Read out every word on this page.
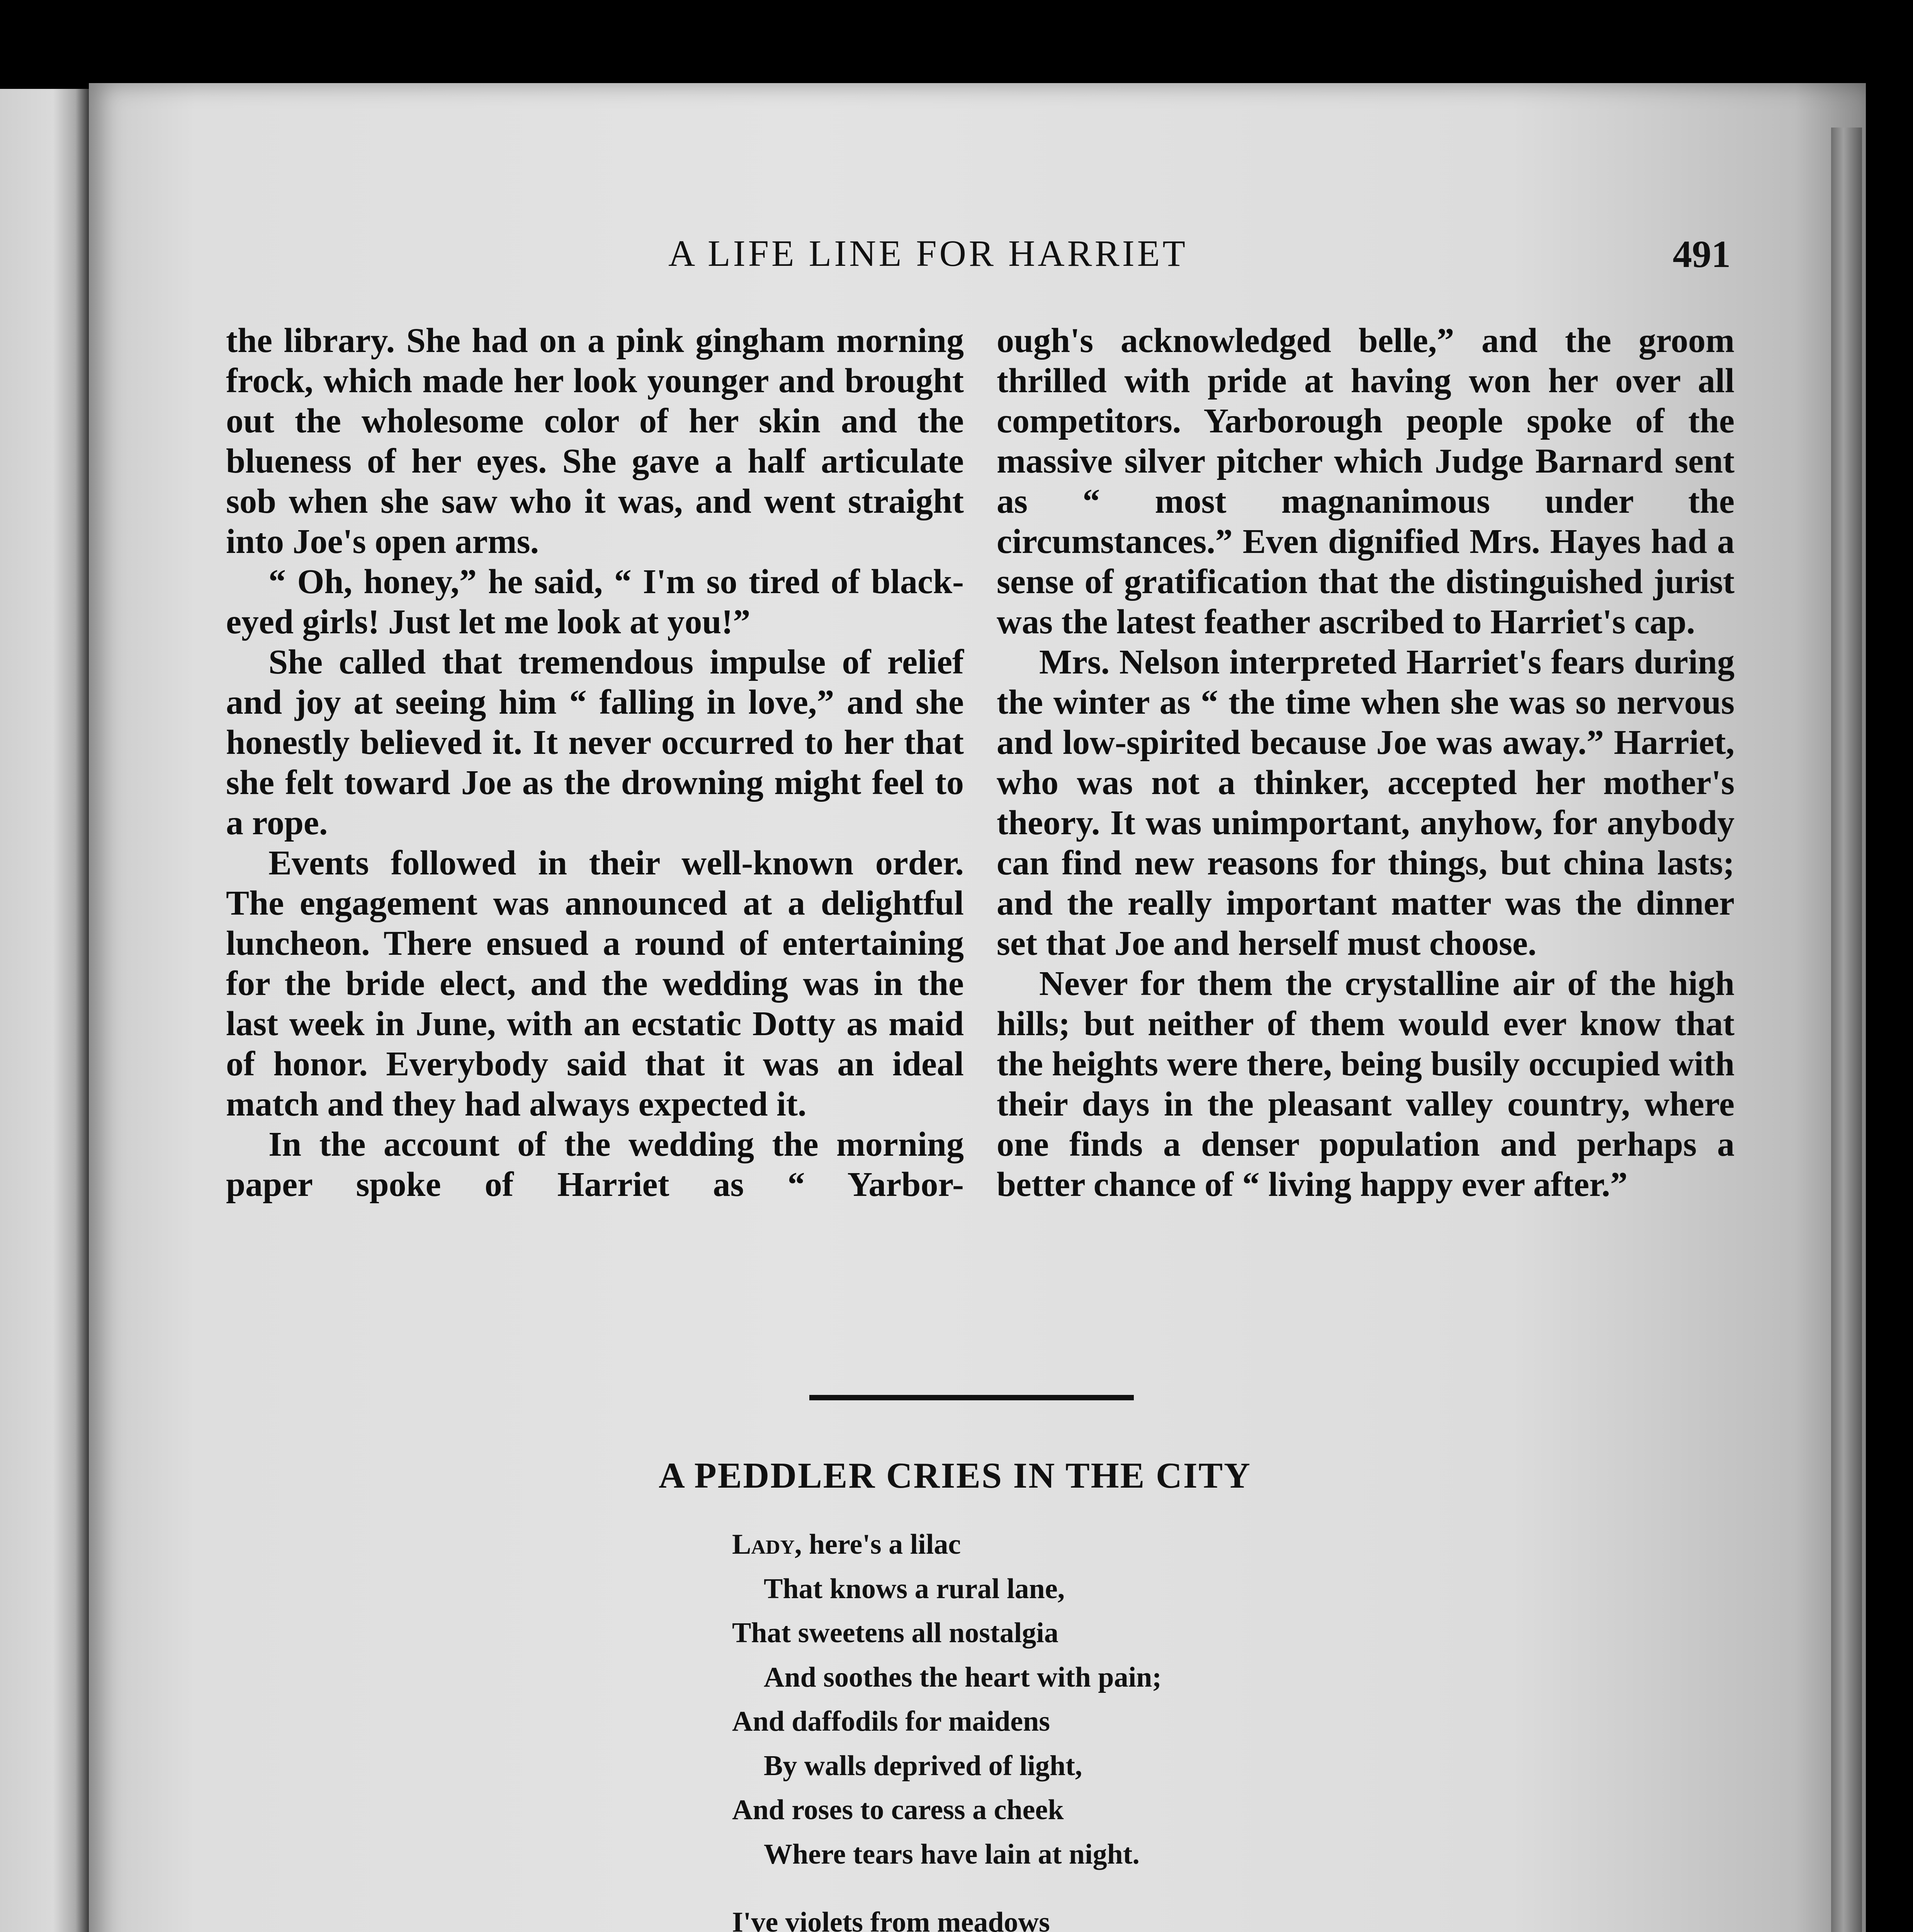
A LIFE LINE FOR HARRIET	491

the library. She had on a pink gingham morning frock, which made her look younger and brought out the wholesome color of her skin and the blueness of her eyes. She gave a half articulate sob when she saw who it was, and went straight into Joe's open arms.

“ Oh, honey,” he said, “ I'm so tired of black-eyed girls! Just let me look at you!”

She called that tremendous impulse of relief and joy at seeing him “ falling in love,” and she honestly believed it. It never occurred to her that she felt toward Joe as the drowning might feel to a rope.

Events followed in their well-known order. The engagement was announced at a delightful luncheon. There ensued a round of entertaining for the bride elect, and the wedding was in the last week in June, with an ecstatic Dotty as maid of honor. Everybody said that it was an ideal match and they had always expected it.

In the account of the wedding the morning paper spoke of Harriet as “ Yarbor-

ough's acknowledged belle,” and the groom thrilled with pride at having won her over all competitors. Yarborough people spoke of the massive silver pitcher which Judge Barnard sent as “ most magnanimous under the circumstances.” Even dignified Mrs. Hayes had a sense of gratification that the distinguished jurist was the latest feather ascribed to Harriet's cap.

Mrs. Nelson interpreted Harriet's fears during the winter as “ the time when she was so nervous and low-spirited because Joe was away.” Harriet, who was not a thinker, accepted her mother's theory. It was unimportant, anyhow, for anybody can find new reasons for things, but china lasts; and the really important matter was the dinner set that Joe and herself must choose.

Never for them the crystalline air of the high hills; but neither of them would ever know that the heights were there, being busily occupied with their days in the pleasant valley country, where one finds a denser population and perhaps a better chance of “ living happy ever after.”

A PEDDLER CRIES IN THE CITY
Lady, here's a lilac
That knows a rural lane,
That sweetens all nostalgia
And soothes the heart with pain;
And daffodils for maidens
By walls deprived of light,
And roses to caress a cheek
Where tears have lain at night.
I've violets from meadows
